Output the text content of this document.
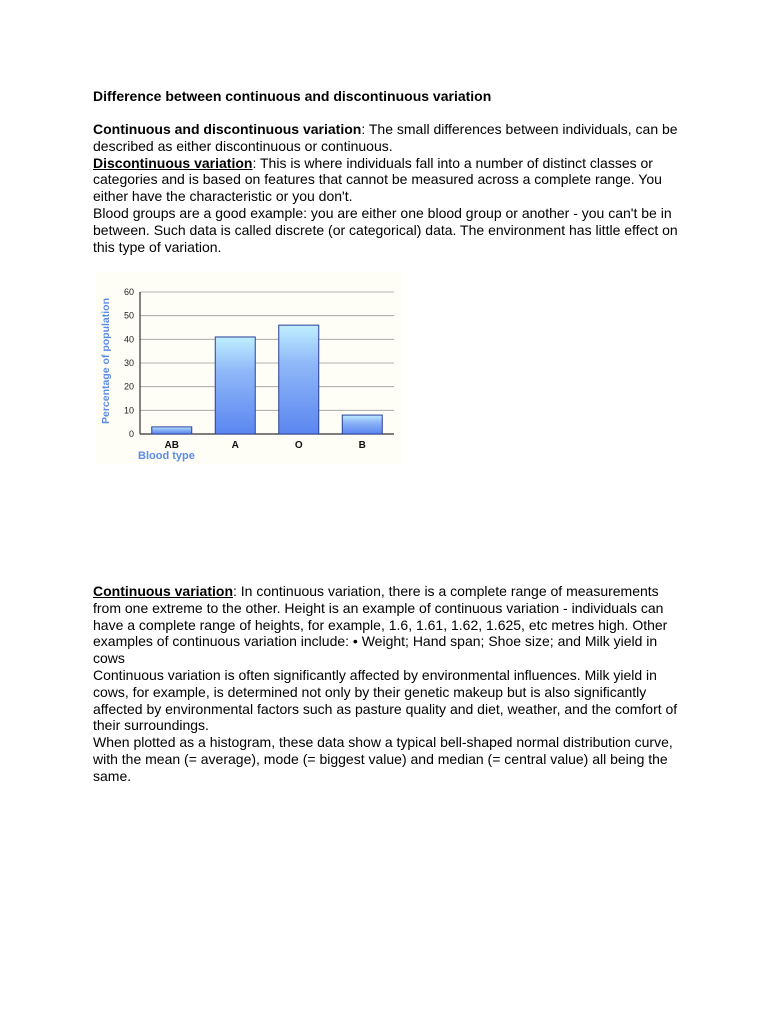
Difference between continuous and discontinuous variation

Continuous and discontinuous variation: The small differences between individuals, can be described as either discontinuous or continuous.

Discontinuous variation: This is where individuals fall into a number of distinct classes or categories and is based on features that cannot be measured across a complete range. You either have the characteristic or you don't.

Blood groups are a good example: you are either one blood group or another - you can't be in between. Such data is called discrete (or categorical) data. The environment has little effect on this type of variation.

0
10
20
30
40
50
60
AB	A	O	B
Percentage of population
Blood type

Continuous variation: In continuous variation, there is a complete range of measurements from one extreme to the other. Height is an example of continuous variation - individuals can have a complete range of heights, for example, 1.6, 1.61, 1.62, 1.625, etc metres high. Other examples of continuous variation include: • Weight; Hand span; Shoe size; and Milk yield in cows

Continuous variation is often significantly affected by environmental influences. Milk yield in cows, for example, is determined not only by their genetic makeup but is also significantly affected by environmental factors such as pasture quality and diet, weather, and the comfort of their surroundings.

When plotted as a histogram, these data show a typical bell-shaped normal distribution curve, with the mean (= average), mode (= biggest value) and median (= central value) all being the same.
